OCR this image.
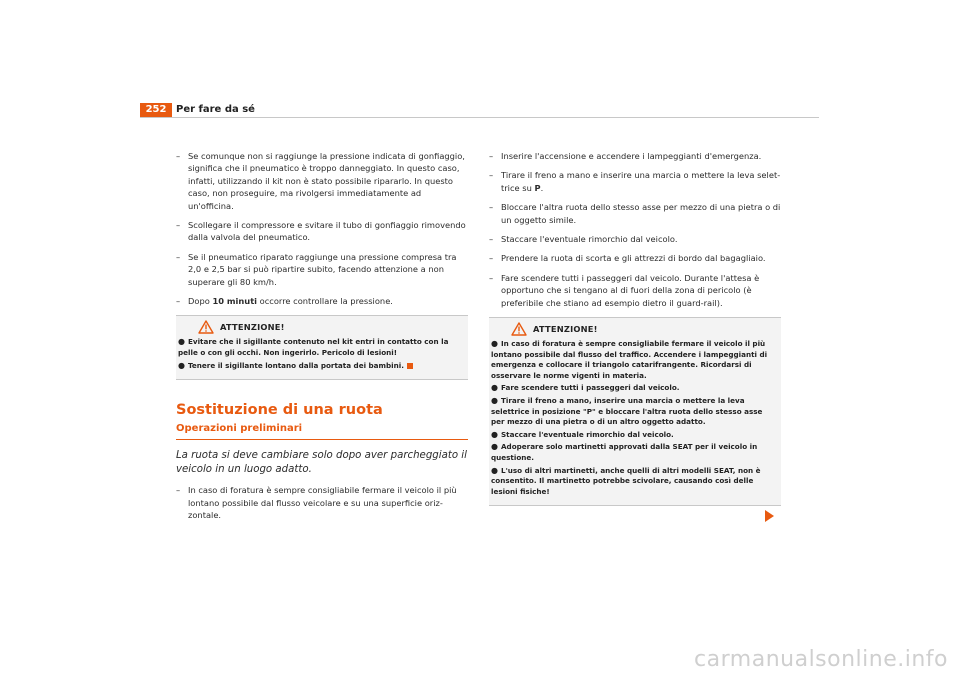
252 Per fare da sé
– Se comunque non si raggiunge la pressione indicata di gonfiaggio, significa che il pneumatico è troppo danneggiato. In questo caso, infatti, utilizzando il kit non è stato possibile ripararlo. In questo caso, non proseguire, ma rivolgersi immediatamente ad un'officina.
– Scollegare il compressore e svitare il tubo di gonfiaggio rimovendo dalla valvola del pneumatico.
– Se il pneumatico riparato raggiunge una pressione compresa tra 2,0 e 2,5 bar si può ripartire subito, facendo attenzione a non superare gli 80 km/h.
– Dopo 10 minuti occorre controllare la pressione.
ATTENZIONE!
● Evitare che il sigillante contenuto nel kit entri in contatto con la pelle o con gli occhi. Non ingerirlo. Pericolo di lesioni!
● Tenere il sigillante lontano dalla portata dei bambini.
Sostituzione di una ruota
Operazioni preliminari
La ruota si deve cambiare solo dopo aver parcheggiato il veicolo in un luogo adatto.
– In caso di foratura è sempre consigliabile fermare il veicolo il più lontano possibile dal flusso veicolare e su una superficie orizzontale.
– Inserire l'accensione e accendere i lampeggianti d'emergenza.
– Tirare il freno a mano e inserire una marcia o mettere la leva selettrice su P.
– Bloccare l'altra ruota dello stesso asse per mezzo di una pietra o di un oggetto simile.
– Staccare l'eventuale rimorchio dal veicolo.
– Prendere la ruota di scorta e gli attrezzi di bordo dal bagagliaio.
– Fare scendere tutti i passeggeri dal veicolo. Durante l'attesa è opportuno che si tengano al di fuori della zona di pericolo (è preferibile che stiano ad esempio dietro il guard-rail).
ATTENZIONE!
● In caso di foratura è sempre consigliabile fermare il veicolo il più lontano possibile dal flusso del traffico. Accendere i lampeggianti di emergenza e collocare il triangolo catarifrangente. Ricordarsi di osservare le norme vigenti in materia.
● Fare scendere tutti i passeggeri dal veicolo.
● Tirare il freno a mano, inserire una marcia o mettere la leva selettrice in posizione "P" e bloccare l'altra ruota dello stesso asse per mezzo di una pietra o di un altro oggetto adatto.
● Staccare l'eventuale rimorchio dal veicolo.
● Adoperare solo martinetti approvati dalla SEAT per il veicolo in questione.
● L'uso di altri martinetti, anche quelli di altri modelli SEAT, non è consentito. Il martinetto potrebbe scivolare, causando così delle lesioni fisiche!
carmanualsonline.info
